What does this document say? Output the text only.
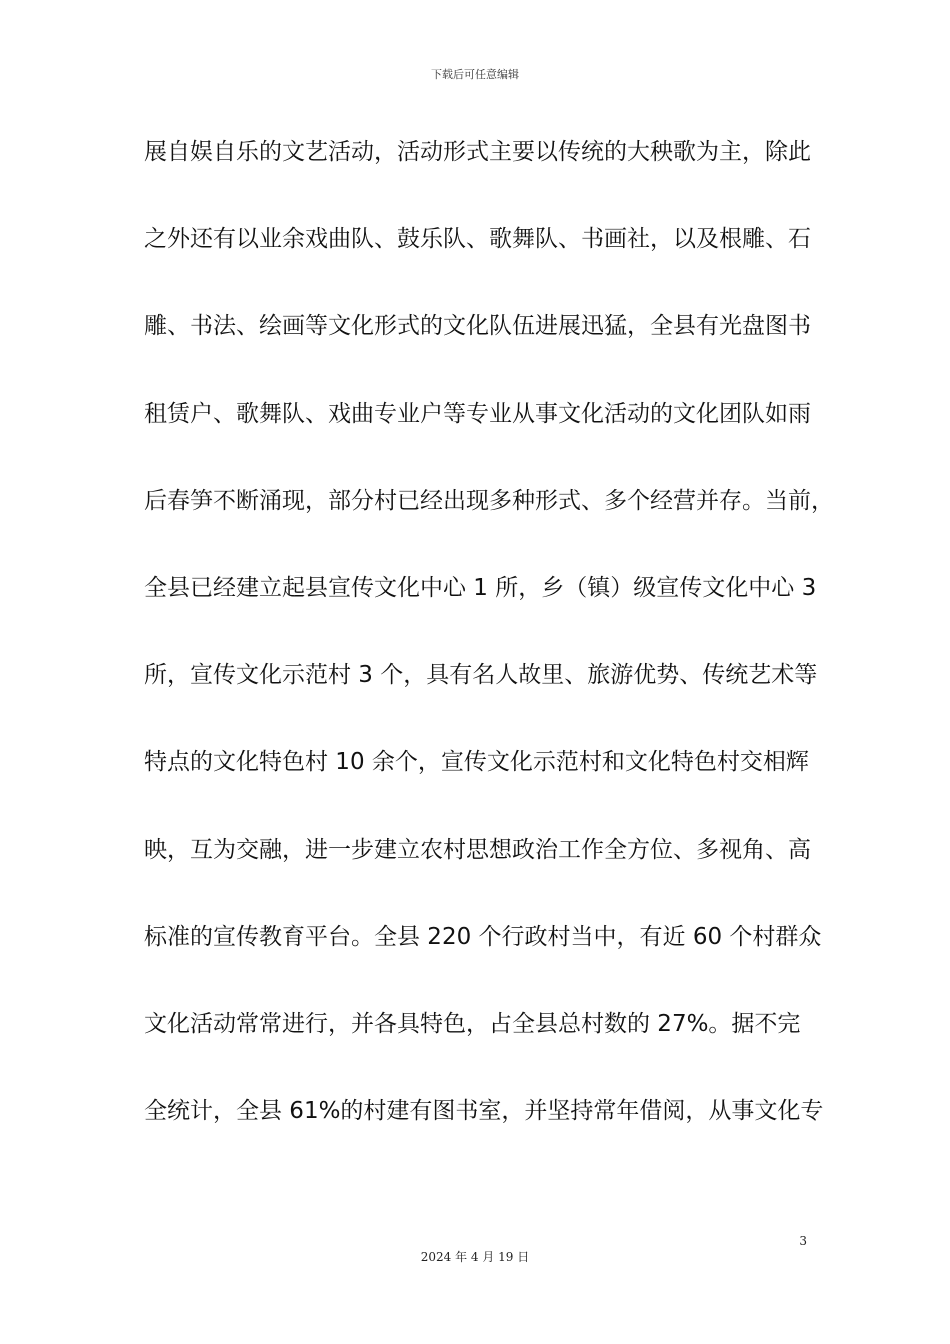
下载后可任意编辑
展自娱自乐的文艺活动，活动形式主要以传统的大秧歌为主，除此
之外还有以业余戏曲队、鼓乐队、歌舞队、书画社，以及根雕、石
雕、书法、绘画等文化形式的文化队伍进展迅猛，全县有光盘图书
租赁户、歌舞队、戏曲专业户等专业从事文化活动的文化团队如雨
后春笋不断涌现，部分村已经出现多种形式、多个经营并存。当前，
全县已经建立起县宣传文化中心 1 所，乡（镇）级宣传文化中心 3
所，宣传文化示范村 3 个，具有名人故里、旅游优势、传统艺术等
特点的文化特色村 10 余个，宣传文化示范村和文化特色村交相辉
映，互为交融，进一步建立农村思想政治工作全方位、多视角、高
标准的宣传教育平台。全县 220 个行政村当中，有近 60 个村群众
文化活动常常进行，并各具特色，占全县总村数的 27%。据不完
全统计，全县 61%的村建有图书室，并坚持常年借阅，从事文化专
3
2024 年 4 月 19 日
